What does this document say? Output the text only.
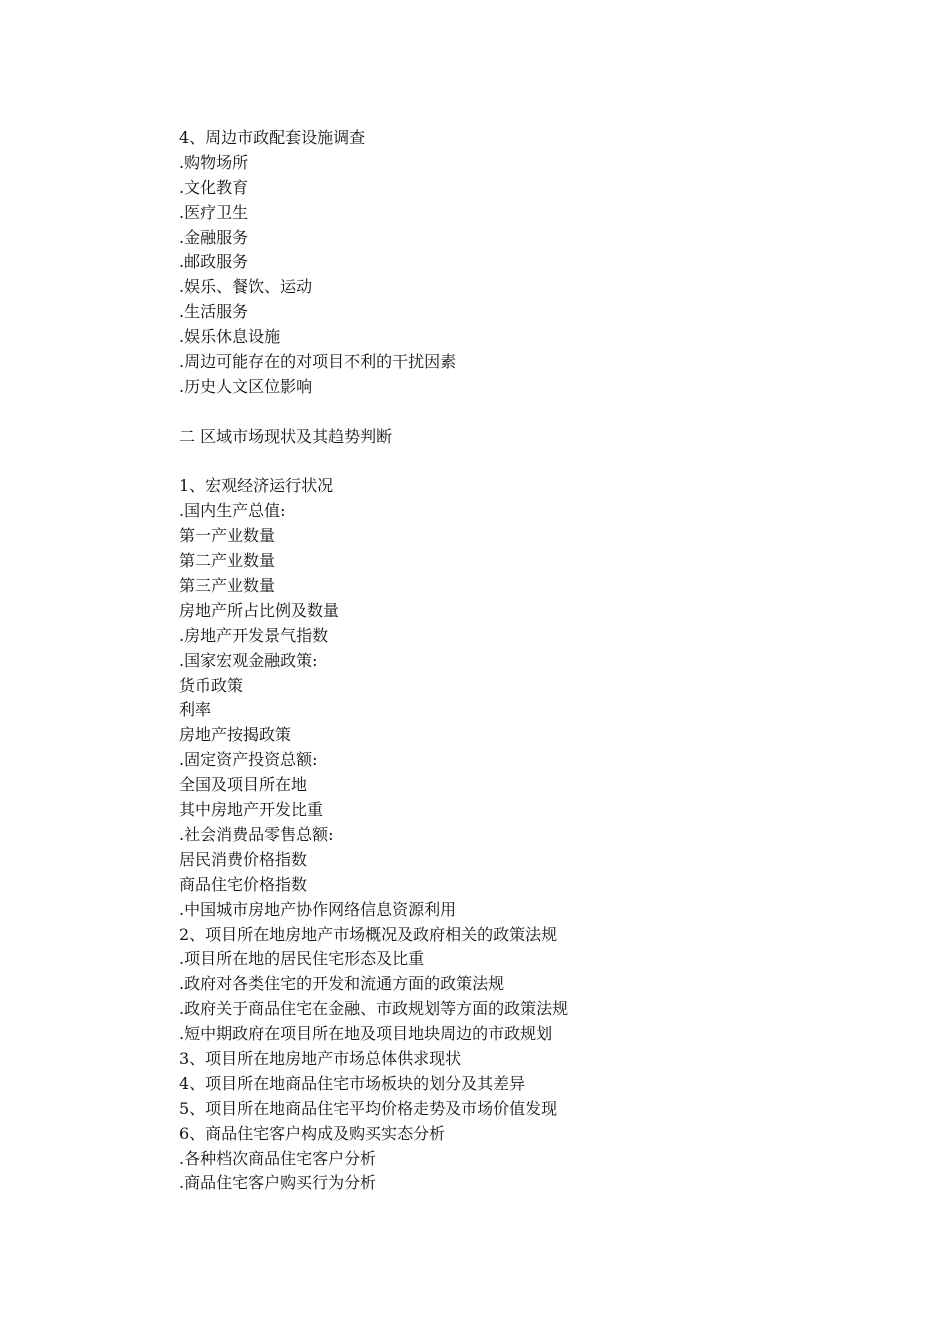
4、周边市政配套设施调查

.购物场所

.文化教育

.医疗卫生

.金融服务

.邮政服务

.娱乐、餐饮、运动

.生活服务

.娱乐休息设施

.周边可能存在的对项目不利的干扰因素

.历史人文区位影响

二 区域市场现状及其趋势判断

1、宏观经济运行状况

.国内生产总值:

第一产业数量

第二产业数量

第三产业数量

房地产所占比例及数量

.房地产开发景气指数

.国家宏观金融政策:

货币政策

利率

房地产按揭政策

.固定资产投资总额:

全国及项目所在地

其中房地产开发比重

.社会消费品零售总额:

居民消费价格指数

商品住宅价格指数

.中国城市房地产协作网络信息资源利用

2、项目所在地房地产市场概况及政府相关的政策法规

.项目所在地的居民住宅形态及比重

.政府对各类住宅的开发和流通方面的政策法规

.政府关于商品住宅在金融、市政规划等方面的政策法规

.短中期政府在项目所在地及项目地块周边的市政规划

3、项目所在地房地产市场总体供求现状

4、项目所在地商品住宅市场板块的划分及其差异

5、项目所在地商品住宅平均价格走势及市场价值发现

6、商品住宅客户构成及购买实态分析

.各种档次商品住宅客户分析

.商品住宅客户购买行为分析
